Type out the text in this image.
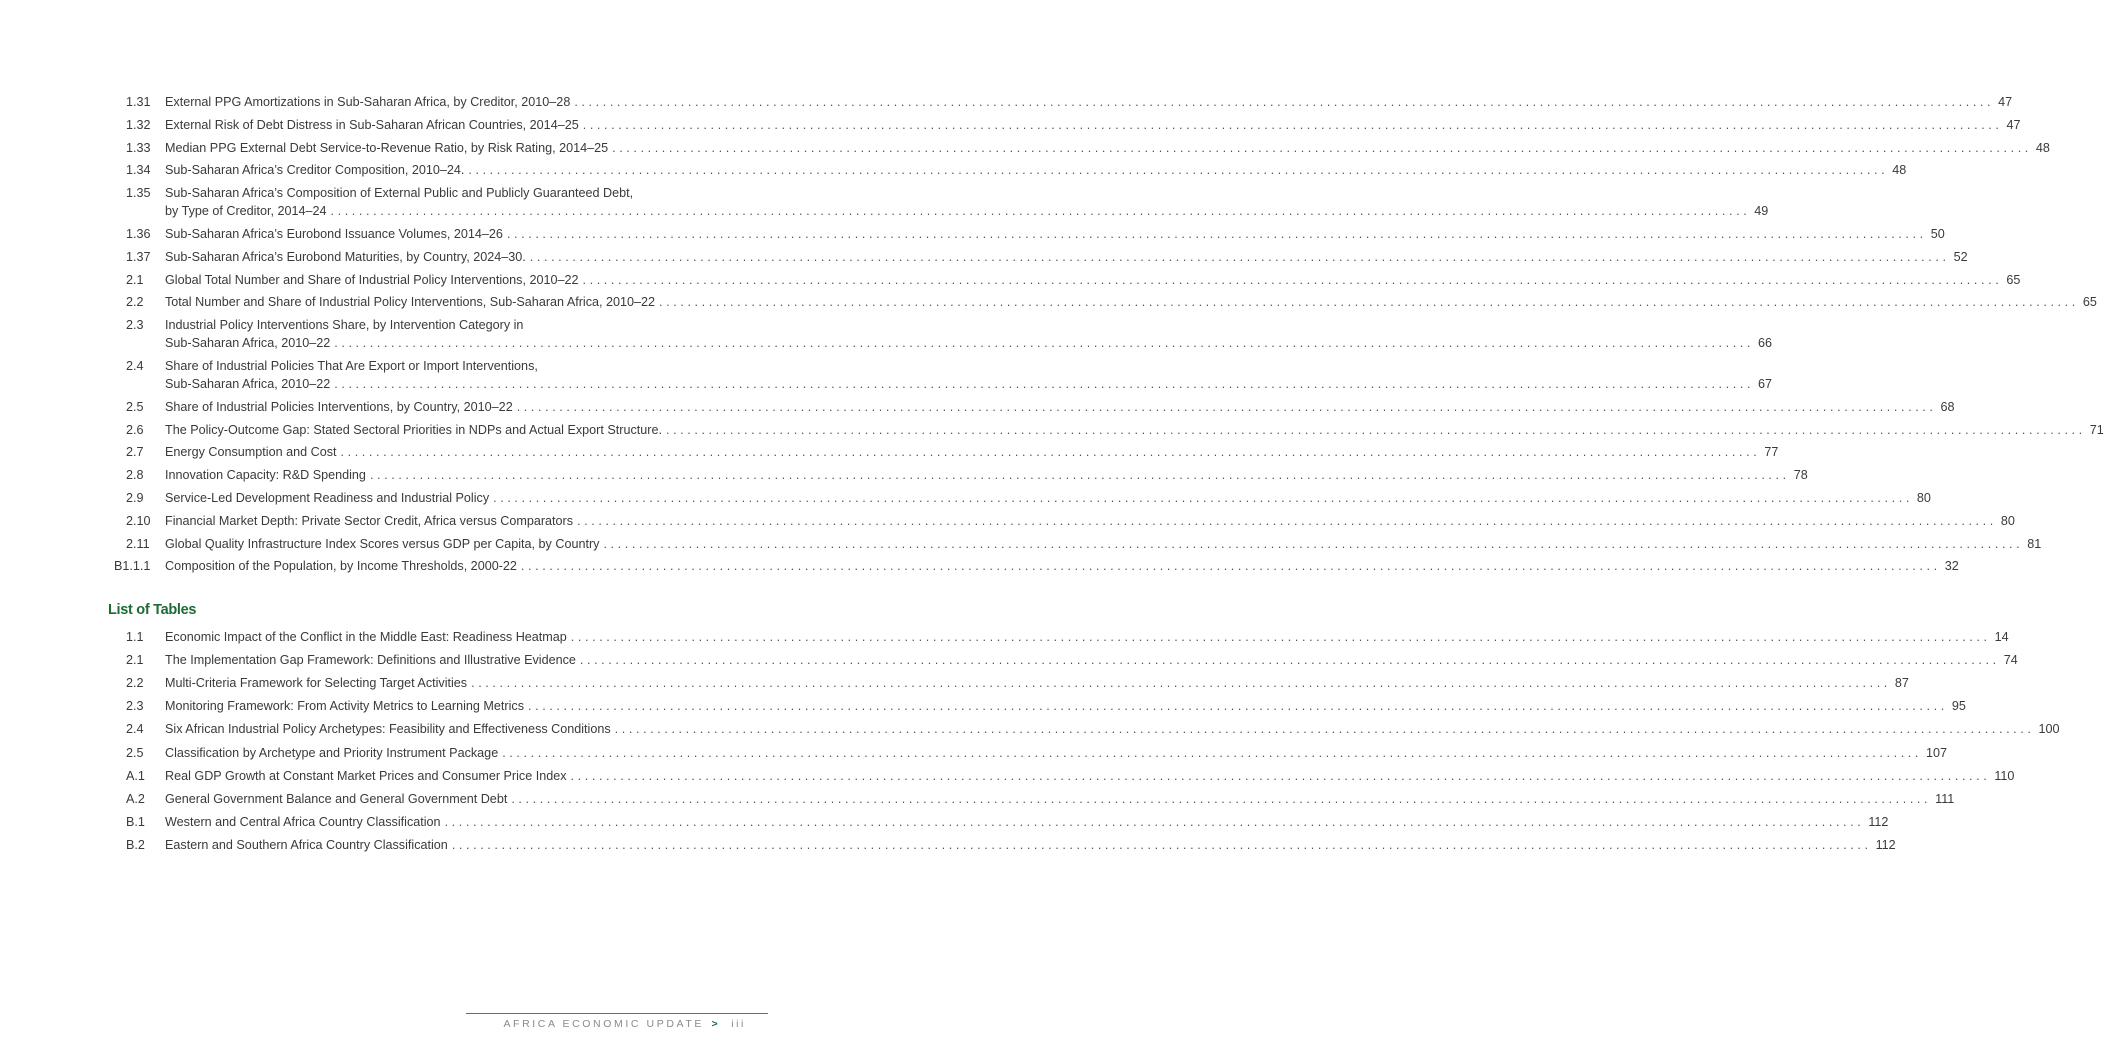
1.31 External PPG Amortizations in Sub-Saharan Africa, by Creditor, 2010–28 ........................................................................................................................................................................................................ 47
1.32 External Risk of Debt Distress in Sub-Saharan African Countries, 2014–25 ........................................................................................................................................................................................................ 47
1.33 Median PPG External Debt Service-to-Revenue Ratio, by Risk Rating, 2014–25 ........................................................................................................................................................................................................ 48
1.34 Sub-Saharan Africa’s Creditor Composition, 2010–24. ........................................................................................................................................................................................................ 48
1.35 Sub-Saharan Africa’s Composition of External Public and Publicly Guaranteed Debt,
by Type of Creditor, 2014–24 ........................................................................................................................................................................................................ 49
1.36 Sub-Saharan Africa’s Eurobond Issuance Volumes, 2014–26 ........................................................................................................................................................................................................ 50
1.37 Sub-Saharan Africa’s Eurobond Maturities, by Country, 2024–30. ........................................................................................................................................................................................................ 52
2.1 Global Total Number and Share of Industrial Policy Interventions, 2010–22 ........................................................................................................................................................................................................ 65
2.2 Total Number and Share of Industrial Policy Interventions, Sub-Saharan Africa, 2010–22 ........................................................................................................................................................................................................ 65
2.3 Industrial Policy Interventions Share, by Intervention Category in
Sub-Saharan Africa, 2010–22 ........................................................................................................................................................................................................ 66
2.4 Share of Industrial Policies That Are Export or Import Interventions,
Sub-Saharan Africa, 2010–22 ........................................................................................................................................................................................................ 67
2.5 Share of Industrial Policies Interventions, by Country, 2010–22 ........................................................................................................................................................................................................ 68
2.6 The Policy-Outcome Gap: Stated Sectoral Priorities in NDPs and Actual Export Structure. ........................................................................................................................................................................................................ 71
2.7 Energy Consumption and Cost ........................................................................................................................................................................................................ 77
2.8 Innovation Capacity: R&D Spending ........................................................................................................................................................................................................ 78
2.9 Service-Led Development Readiness and Industrial Policy ........................................................................................................................................................................................................ 80
2.10 Financial Market Depth: Private Sector Credit, Africa versus Comparators ........................................................................................................................................................................................................ 80
2.11 Global Quality Infrastructure Index Scores versus GDP per Capita, by Country ........................................................................................................................................................................................................ 81
B1.1.1 Composition of the Population, by Income Thresholds, 2000-22 ........................................................................................................................................................................................................ 32
List of Tables
1.1 Economic Impact of the Conflict in the Middle East: Readiness Heatmap ........................................................................................................................................................................................................ 14
2.1 The Implementation Gap Framework: Definitions and Illustrative Evidence ........................................................................................................................................................................................................ 74
2.2 Multi-Criteria Framework for Selecting Target Activities ........................................................................................................................................................................................................ 87
2.3 Monitoring Framework: From Activity Metrics to Learning Metrics ........................................................................................................................................................................................................ 95
2.4 Six African Industrial Policy Archetypes: Feasibility and Effectiveness Conditions ........................................................................................................................................................................................................ 100
2.5 Classification by Archetype and Priority Instrument Package ........................................................................................................................................................................................................ 107
A.1 Real GDP Growth at Constant Market Prices and Consumer Price Index ........................................................................................................................................................................................................ 110
A.2 General Government Balance and General Government Debt ........................................................................................................................................................................................................ 111
B.1 Western and Central Africa Country Classification ........................................................................................................................................................................................................ 112
B.2 Eastern and Southern Africa Country Classification ........................................................................................................................................................................................................ 112
AFRICA ECONOMIC UPDATE > iii
